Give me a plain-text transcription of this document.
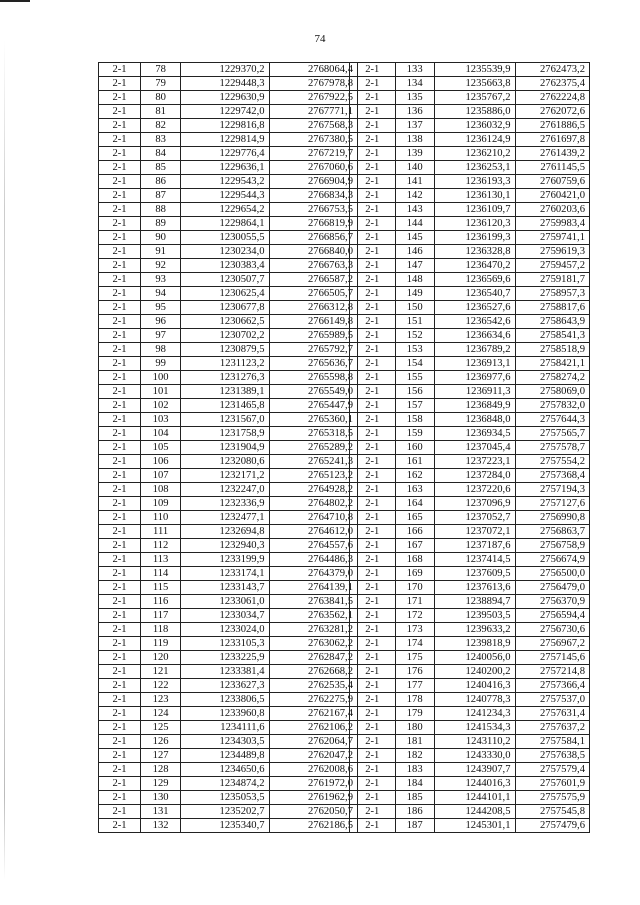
74
2-1	78	1229370,2	2768064,4
2-1	79	1229448,3	2767978,8
2-1	80	1229630,9	2767922,5
2-1	81	1229742,0	2767771,1
2-1	82	1229816,8	2767568,3
2-1	83	1229814,9	2767380,5
2-1	84	1229776,4	2767219,7
2-1	85	1229636,1	2767060,6
2-1	86	1229543,2	2766904,9
2-1	87	1229544,3	2766834,3
2-1	88	1229654,2	2766753,5
2-1	89	1229864,1	2766819,9
2-1	90	1230055,5	2766856,7
2-1	91	1230234,0	2766840,0
2-1	92	1230383,4	2766763,3
2-1	93	1230507,7	2766587,2
2-1	94	1230625,4	2766505,7
2-1	95	1230677,8	2766312,8
2-1	96	1230662,5	2766149,8
2-1	97	1230702,2	2765989,5
2-1	98	1230879,5	2765792,7
2-1	99	1231123,2	2765636,7
2-1	100	1231276,3	2765598,8
2-1	101	1231389,1	2765549,0
2-1	102	1231465,8	2765447,9
2-1	103	1231567,0	2765360,1
2-1	104	1231758,9	2765318,5
2-1	105	1231904,9	2765289,2
2-1	106	1232080,6	2765241,3
2-1	107	1232171,2	2765123,2
2-1	108	1232247,0	2764928,2
2-1	109	1232336,9	2764802,2
2-1	110	1232477,1	2764710,8
2-1	111	1232694,8	2764612,0
2-1	112	1232940,3	2764557,6
2-1	113	1233199,9	2764486,3
2-1	114	1233174,1	2764379,0
2-1	115	1233143,7	2764139,1
2-1	116	1233061,0	2763841,5
2-1	117	1233034,7	2763562,1
2-1	118	1233024,0	2763281,2
2-1	119	1233105,3	2763062,2
2-1	120	1233225,9	2762847,2
2-1	121	1233381,4	2762668,2
2-1	122	1233627,3	2762535,4
2-1	123	1233806,5	2762275,9
2-1	124	1233960,8	2762167,4
2-1	125	1234111,6	2762106,2
2-1	126	1234303,5	2762064,7
2-1	127	1234489,8	2762047,2
2-1	128	1234650,6	2762008,6
2-1	129	1234874,2	2761972,0
2-1	130	1235053,5	2761962,9
2-1	131	1235202,7	2762050,7
2-1	132	1235340,7	2762186,5
2-1	133	1235539,9	2762473,2
2-1	134	1235663,8	2762375,4
2-1	135	1235767,2	2762224,8
2-1	136	1235886,0	2762072,6
2-1	137	1236032,9	2761886,5
2-1	138	1236124,9	2761697,8
2-1	139	1236210,2	2761439,2
2-1	140	1236253,1	2761145,5
2-1	141	1236193,3	2760759,6
2-1	142	1236130,1	2760421,0
2-1	143	1236109,7	2760203,6
2-1	144	1236120,3	2759983,4
2-1	145	1236199,3	2759741,1
2-1	146	1236328,8	2759619,3
2-1	147	1236470,2	2759457,2
2-1	148	1236569,6	2759181,7
2-1	149	1236540,7	2758957,3
2-1	150	1236527,6	2758817,6
2-1	151	1236542,6	2758643,9
2-1	152	1236634,6	2758541,3
2-1	153	1236789,2	2758518,9
2-1	154	1236913,1	2758421,1
2-1	155	1236977,6	2758274,2
2-1	156	1236911,3	2758069,0
2-1	157	1236849,9	2757832,0
2-1	158	1236848,0	2757644,3
2-1	159	1236934,5	2757565,7
2-1	160	1237045,4	2757578,7
2-1	161	1237223,1	2757554,2
2-1	162	1237284,0	2757368,4
2-1	163	1237220,6	2757194,3
2-1	164	1237096,9	2757127,6
2-1	165	1237052,7	2756990,8
2-1	166	1237072,1	2756863,7
2-1	167	1237187,6	2756758,9
2-1	168	1237414,5	2756674,9
2-1	169	1237609,5	2756500,0
2-1	170	1237613,6	2756479,0
2-1	171	1238894,7	2756370,9
2-1	172	1239503,5	2756594,4
2-1	173	1239633,2	2756730,6
2-1	174	1239818,9	2756967,2
2-1	175	1240056,0	2757145,6
2-1	176	1240200,2	2757214,8
2-1	177	1240416,3	2757366,4
2-1	178	1240778,3	2757537,0
2-1	179	1241234,3	2757631,4
2-1	180	1241534,3	2757637,2
2-1	181	1243110,2	2757584,1
2-1	182	1243330,0	2757638,5
2-1	183	1243907,7	2757579,4
2-1	184	1244016,3	2757601,9
2-1	185	1244101,1	2757575,9
2-1	186	1244208,5	2757545,8
2-1	187	1245301,1	2757479,6
